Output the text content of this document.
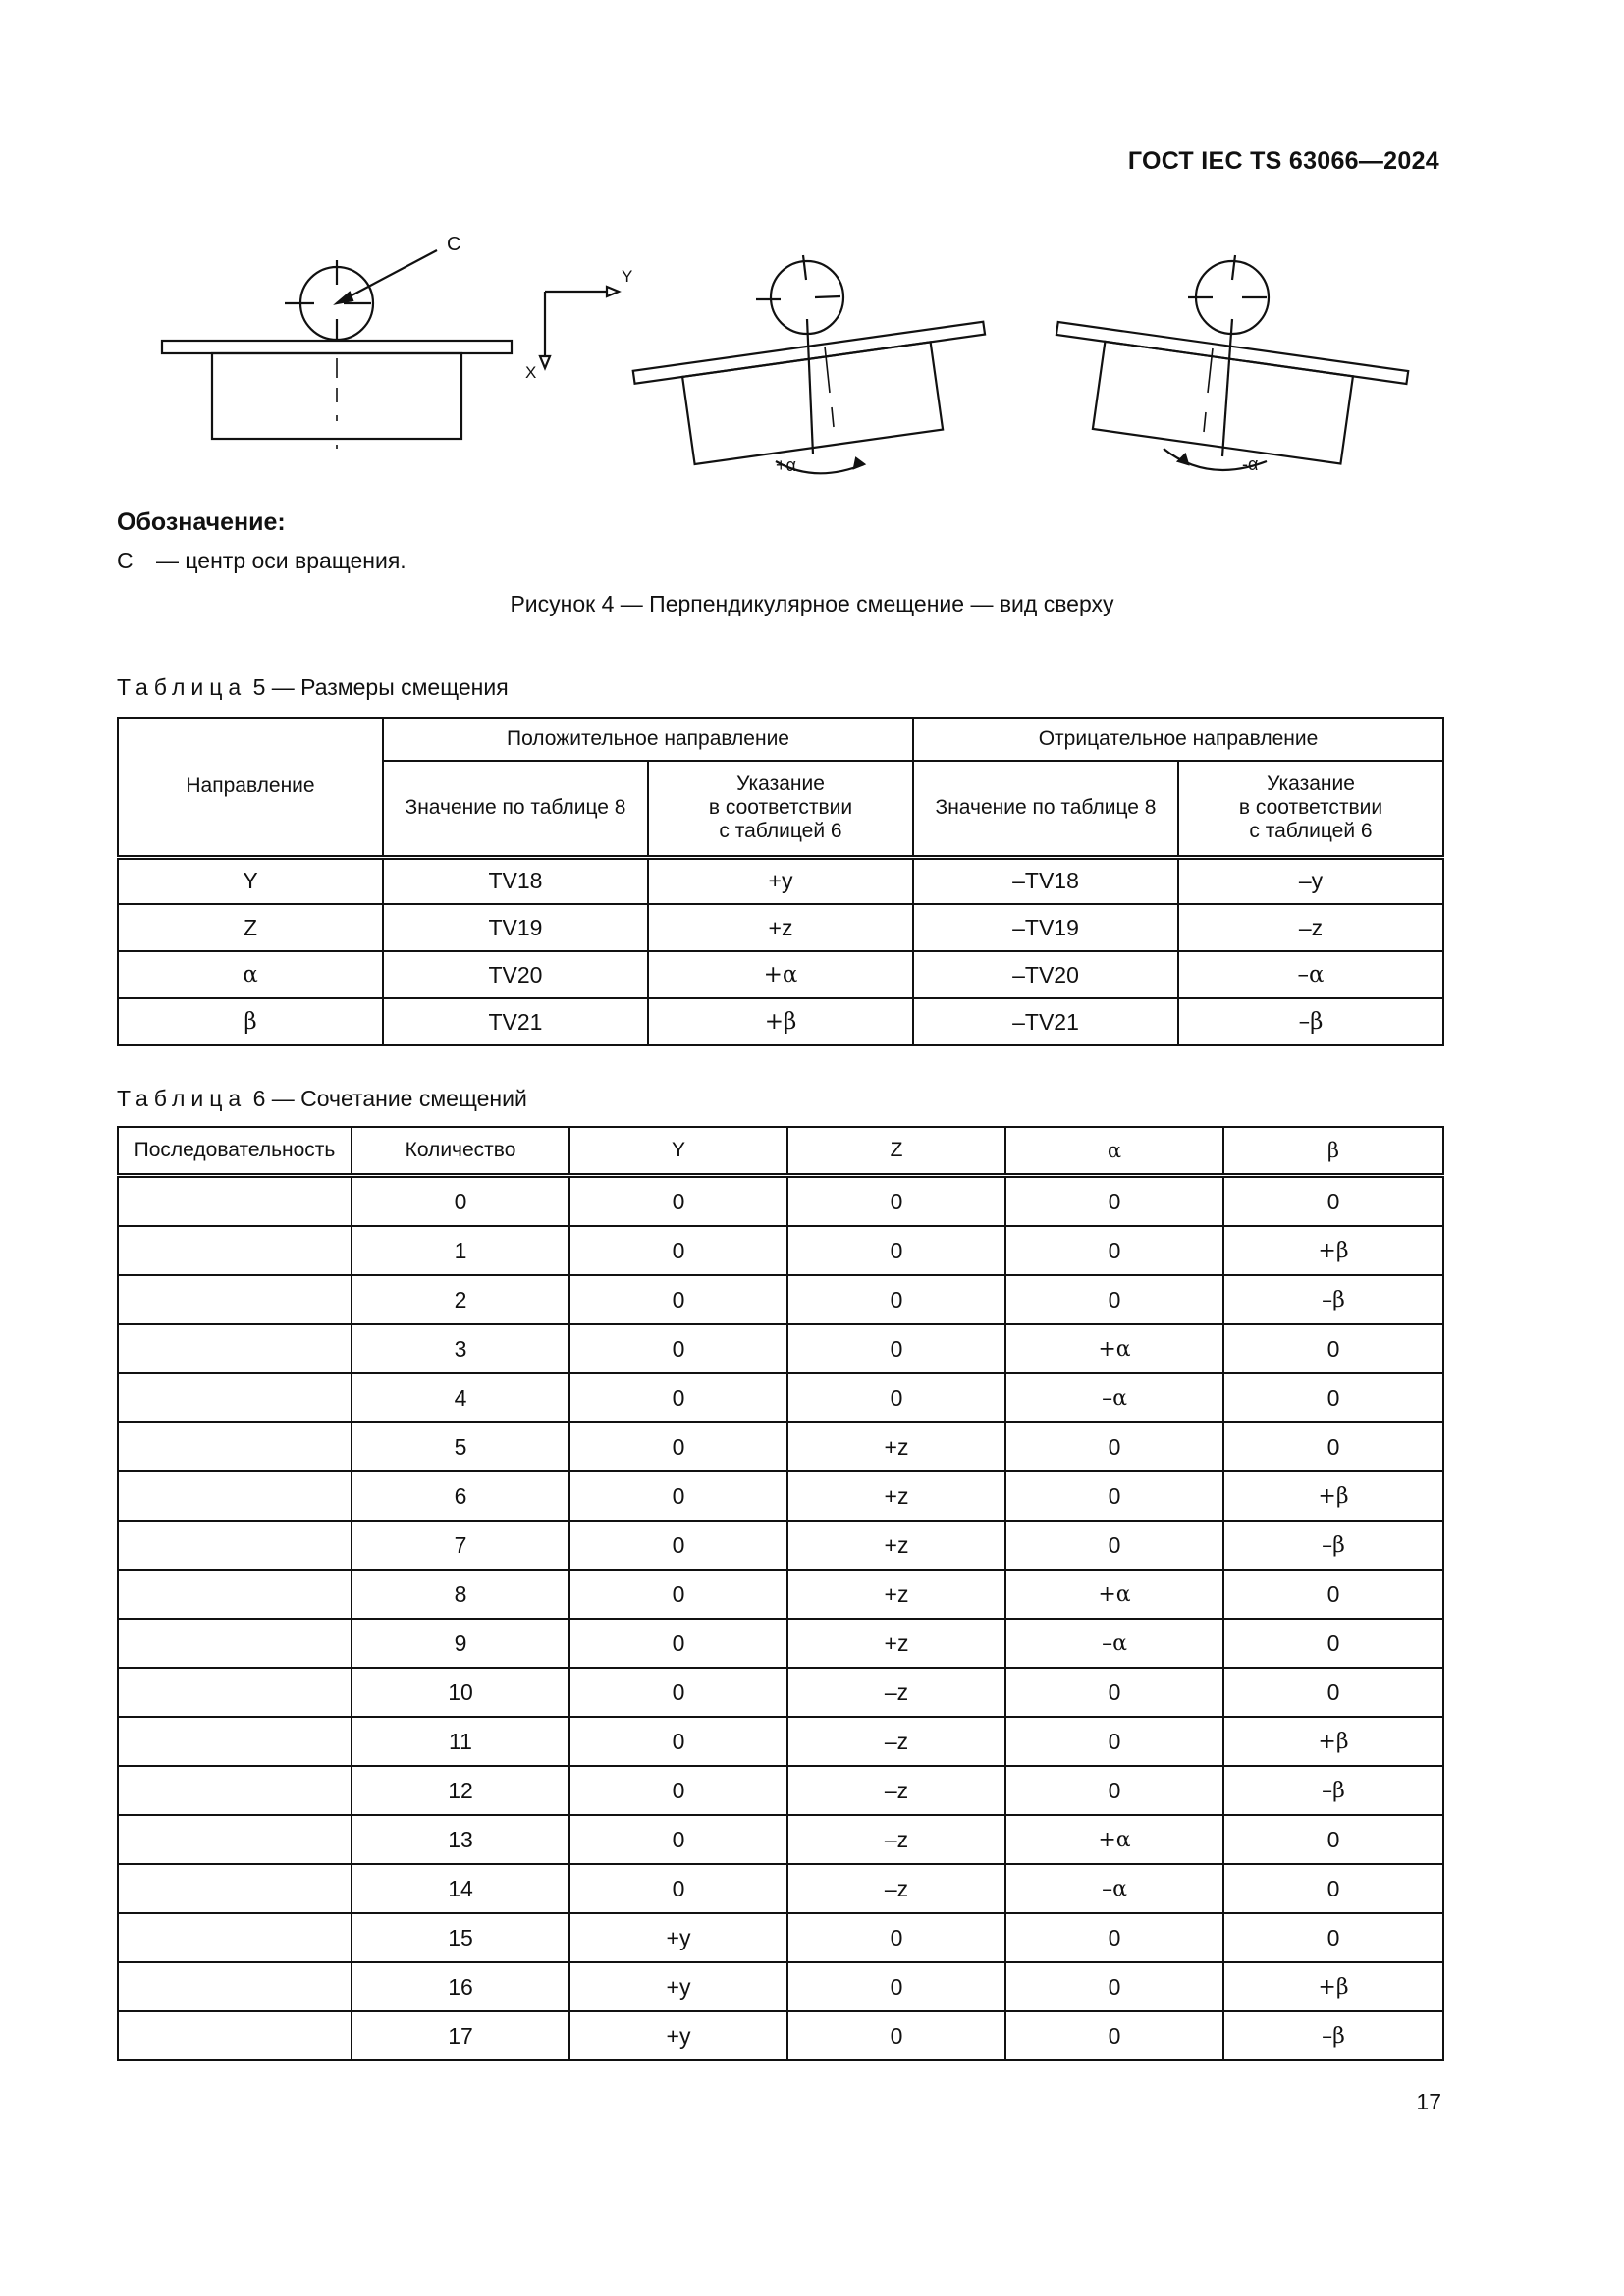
ГОСТ IEC TS 63066—2024
C
Y
X
+α	-α
Обозначение:
С — центр оси вращения.
Рисунок 4 — Перпендикулярное смещение — вид сверху
Таблица 5 — Размеры смещения
Направление	Положительное направление		Отрицательное направление	
	Значение по таблице 8	Указание
в соответствии
с таблицей 6	Значение по таблице 8	Указание
в соответствии
с таблицей 6
Y	TV18	+y	–TV18	–y
Z	TV19	+z	–TV19	–z
α	TV20	+α	–TV20	–α
β	TV21	+β	–TV21	–β
Таблица 6 — Сочетание смещений
Последовательность	Количество	Y	Z	α	β
	0	0	0	0	0
	1	0	0	0	+β
	2	0	0	0	–β
	3	0	0	+α	0
	4	0	0	–α	0
	5	0	+z	0	0
	6	0	+z	0	+β
	7	0	+z	0	–β
	8	0	+z	+α	0
	9	0	+z	–α	0
	10	0	–z	0	0
	11	0	–z	0	+β
	12	0	–z	0	–β
	13	0	–z	+α	0
	14	0	–z	–α	0
	15	+y	0	0	0
	16	+y	0	0	+β
	17	+y	0	0	–β
17
